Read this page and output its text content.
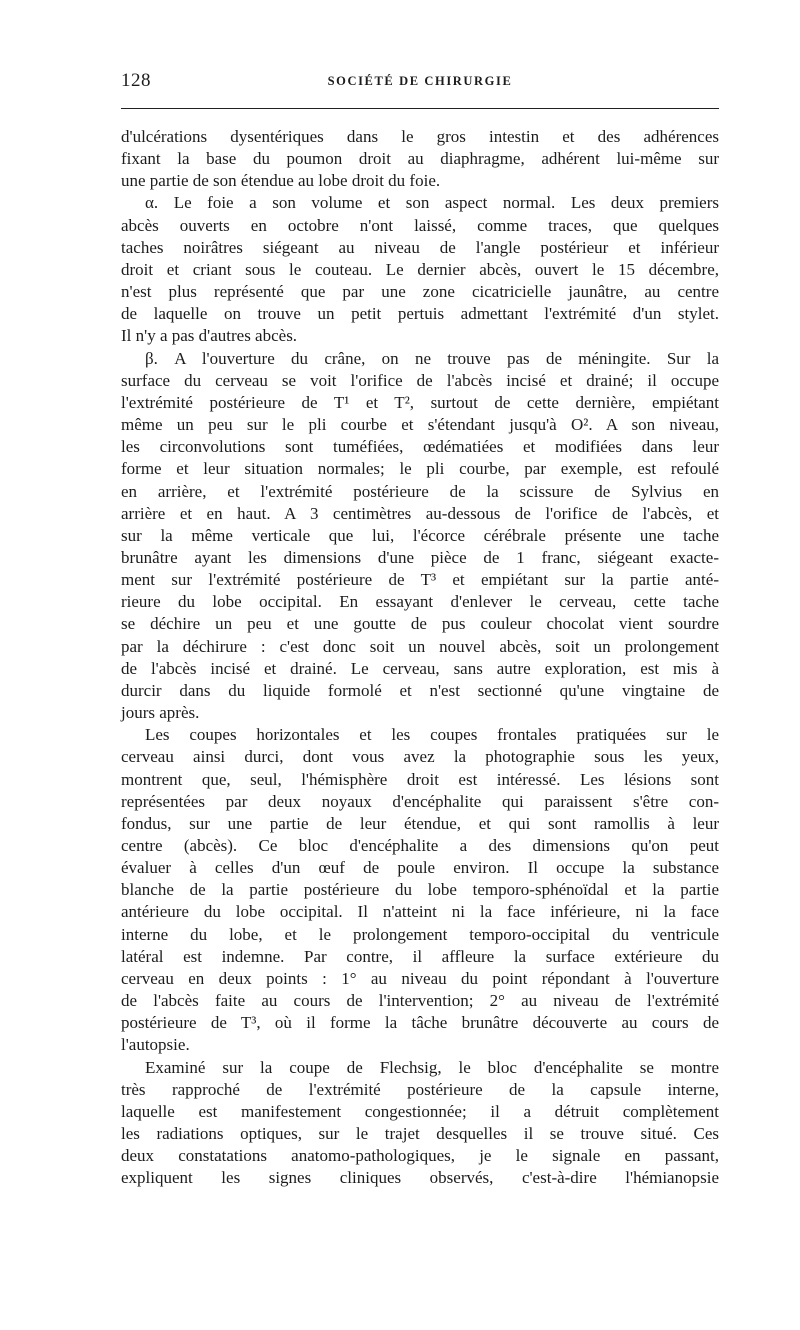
128	SOCIÉTÉ DE CHIRURGIE
d'ulcérations dysentériques dans le gros intestin et des adhérences
fixant la base du poumon droit au diaphragme, adhérent lui-même sur
une partie de son étendue au lobe droit du foie.
α. Le foie a son volume et son aspect normal. Les deux premiers
abcès ouverts en octobre n'ont laissé, comme traces, que quelques
taches noirâtres siégeant au niveau de l'angle postérieur et inférieur
droit et criant sous le couteau. Le dernier abcès, ouvert le 15 décembre,
n'est plus représenté que par une zone cicatricielle jaunâtre, au centre
de laquelle on trouve un petit pertuis admettant l'extrémité d'un stylet.
Il n'y a pas d'autres abcès.
β. A l'ouverture du crâne, on ne trouve pas de méningite. Sur la
surface du cerveau se voit l'orifice de l'abcès incisé et drainé; il occupe
l'extrémité postérieure de T¹ et T², surtout de cette dernière, empiétant
même un peu sur le pli courbe et s'étendant jusqu'à O². A son niveau,
les circonvolutions sont tuméfiées, œdématiées et modifiées dans leur
forme et leur situation normales; le pli courbe, par exemple, est refoulé
en arrière, et l'extrémité postérieure de la scissure de Sylvius en
arrière et en haut. A 3 centimètres au-dessous de l'orifice de l'abcès, et
sur la même verticale que lui, l'écorce cérébrale présente une tache
brunâtre ayant les dimensions d'une pièce de 1 franc, siégeant exacte-
ment sur l'extrémité postérieure de T³ et empiétant sur la partie anté-
rieure du lobe occipital. En essayant d'enlever le cerveau, cette tache
se déchire un peu et une goutte de pus couleur chocolat vient sourdre
par la déchirure : c'est donc soit un nouvel abcès, soit un prolongement
de l'abcès incisé et drainé. Le cerveau, sans autre exploration, est mis à
durcir dans du liquide formolé et n'est sectionné qu'une vingtaine de
jours après.
Les coupes horizontales et les coupes frontales pratiquées sur le
cerveau ainsi durci, dont vous avez la photographie sous les yeux,
montrent que, seul, l'hémisphère droit est intéressé. Les lésions sont
représentées par deux noyaux d'encéphalite qui paraissent s'être con-
fondus, sur une partie de leur étendue, et qui sont ramollis à leur
centre (abcès). Ce bloc d'encéphalite a des dimensions qu'on peut
évaluer à celles d'un œuf de poule environ. Il occupe la substance
blanche de la partie postérieure du lobe temporo-sphénoïdal et la partie
antérieure du lobe occipital. Il n'atteint ni la face inférieure, ni la face
interne du lobe, et le prolongement temporo-occipital du ventricule
latéral est indemne. Par contre, il affleure la surface extérieure du
cerveau en deux points : 1° au niveau du point répondant à l'ouverture
de l'abcès faite au cours de l'intervention; 2° au niveau de l'extrémité
postérieure de T³, où il forme la tâche brunâtre découverte au cours de
l'autopsie.
Examiné sur la coupe de Flechsig, le bloc d'encéphalite se montre
très rapproché de l'extrémité postérieure de la capsule interne,
laquelle est manifestement congestionnée; il a détruit complètement
les radiations optiques, sur le trajet desquelles il se trouve situé. Ces
deux constatations anatomo-pathologiques, je le signale en passant,
expliquent les signes cliniques observés, c'est-à-dire l'hémianopsie
